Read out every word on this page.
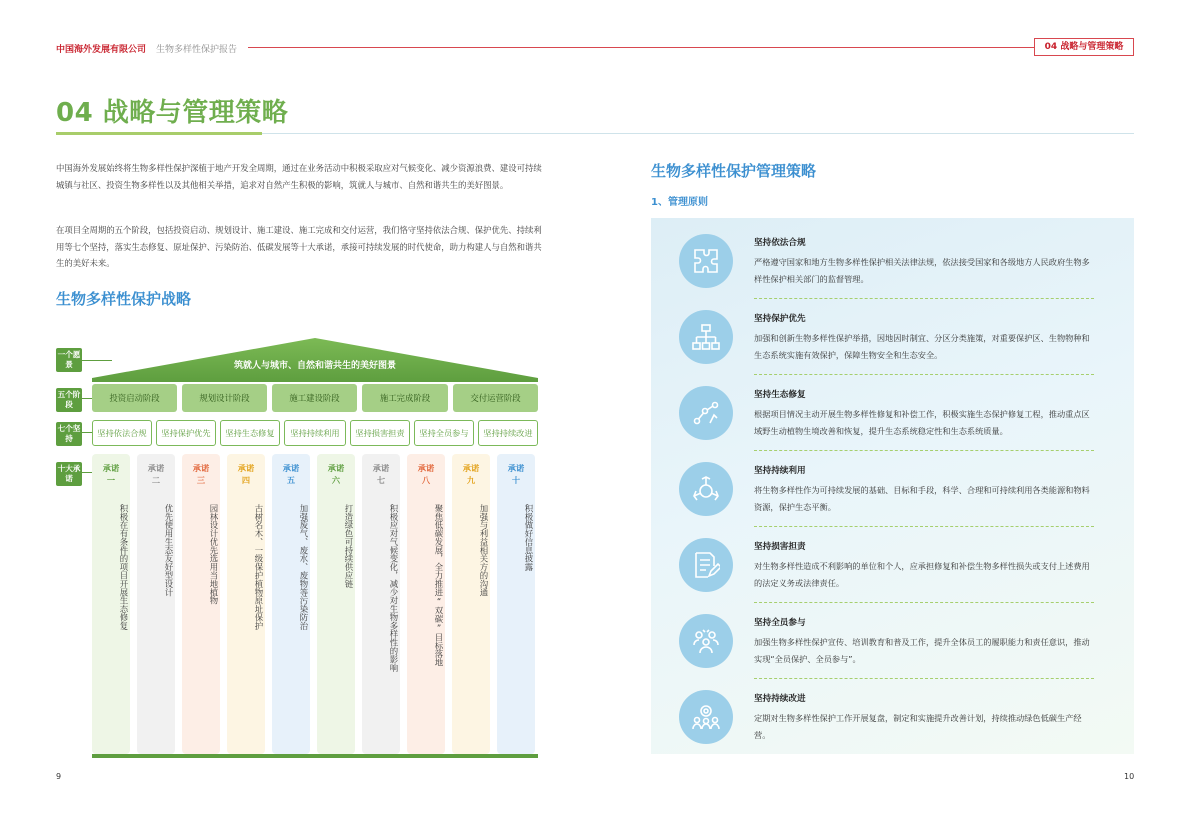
中国海外发展有限公司 生物多样性保护报告	04 战略与管理策略
04 战略与管理策略
中国海外发展始终将生物多样性保护深植于地产开发全周期，通过在业务活动中积极采取应对气候变化、减少资源浪费、建设可持续城镇与社区、投资生物多样性以及其他相关举措，追求对自然产生积极的影响，筑就人与城市、自然和谐共生的美好图景。
在项目全周期的五个阶段，包括投资启动、规划设计、施工建设、施工完成和交付运营，我们恪守坚持依法合规、保护优先、持续利用等七个坚持，落实生态修复、原址保护、污染防治、低碳发展等十大承诺，承接可持续发展的时代使命，助力构建人与自然和谐共生的美好未来。
生物多样性保护战略
筑就人与城市、自然和谐共生的美好图景
一个愿景
五个阶段
七个坚持
十大承诺
投资启动阶段	规划设计阶段	施工建设阶段	施工完成阶段	交付运营阶段
坚持依法合规	坚持保护优先	坚持生态修复	坚持持续利用	坚持损害担责	坚持全员参与	坚持持续改进
承诺
一
积极在有条件的项目开展生态修复
承诺
二
优先使用生态友好型设计
承诺
三
园林设计优先选用当地植物
承诺
四
古树名木、一级保护植物原址保护
承诺
五
加强废气、废水、废物等污染防治
承诺
六
打造绿色可持续供应链
承诺
七
积极应对气候变化，减少对生物多样性的影响
承诺
八
聚焦低碳发展，全力推进“双碳”目标落地
承诺
九
加强与利益相关方的沟通
承诺
十
积极做好信息披露
9	10
生物多样性保护管理策略
1、管理原则
坚持依法合规
严格遵守国家和地方生物多样性保护相关法律法规，依法接受国家和各级地方人民政府生物多样性保护相关部门的监督管理。
坚持保护优先
加强和创新生物多样性保护举措，因地因时制宜、分区分类施策，对重要保护区、生物物种和生态系统实施有效保护，保障生物安全和生态安全。
坚持生态修复
根据项目情况主动开展生物多样性修复和补偿工作，积极实施生态保护修复工程，推动重点区域野生动植物生境改善和恢复，提升生态系统稳定性和生态系统质量。
坚持持续利用
将生物多样性作为可持续发展的基础、目标和手段，科学、合理和可持续利用各类能源和物料资源，保护生态平衡。
坚持损害担责
对生物多样性造成不利影响的单位和个人，应承担修复和补偿生物多样性损失或支付上述费用的法定义务或法律责任。
坚持全员参与
加强生物多样性保护宣传、培训教育和普及工作，提升全体员工的履职能力和责任意识，推动实现“全员保护、全员参与”。
坚持持续改进
定期对生物多样性保护工作开展复盘，制定和实施提升改善计划，持续推动绿色低碳生产经营。
